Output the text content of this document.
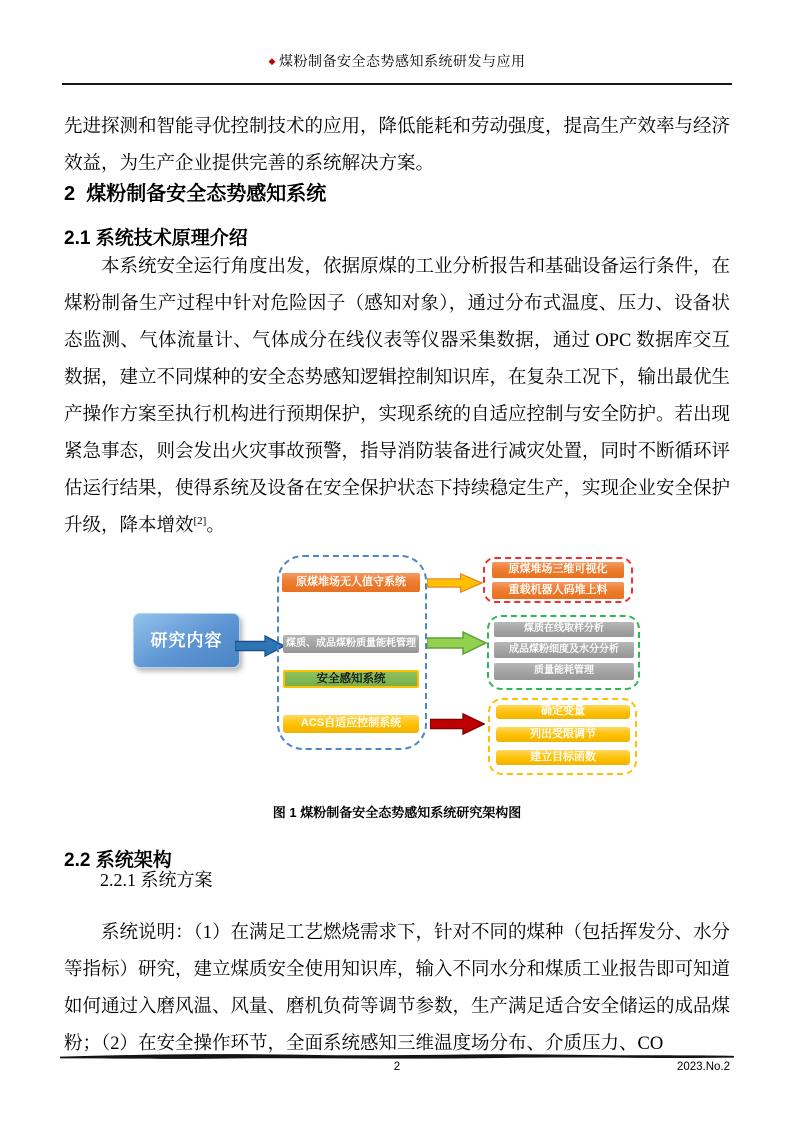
◆ 煤粉制备安全态势感知系统研发与应用

先进探测和智能寻优控制技术的应用，降低能耗和劳动强度，提高生产效率与经济效益，为生产企业提供完善的系统解决方案。

2  煤粉制备安全态势感知系统
2.1 系统技术原理介绍

本系统安全运行角度出发，依据原煤的工业分析报告和基础设备运行条件，在煤粉制备生产过程中针对危险因子（感知对象），通过分布式温度、压力、设备状态监测、气体流量计、气体成分在线仪表等仪器采集数据，通过 OPC 数据库交互数据，建立不同煤种的安全态势感知逻辑控制知识库，在复杂工况下，输出最优生产操作方案至执行机构进行预期保护，实现系统的自适应控制与安全防护。若出现紧急事态，则会发出火灾事故预警，指导消防装备进行减灾处置，同时不断循环评估运行结果，使得系统及设备在安全保护状态下持续稳定生产，实现企业安全保护升级，降本增效[2]。

研究内容
原煤堆场无人值守系统
煤质、成品煤粉质量能耗管理
安全感知系统
ACS自适应控制系统
原煤堆场三维可视化
重载机器人码堆上料
煤质在线取样分析
成品煤粉细度及水分分析
质量能耗管理
确定变量
列出受限调节
建立目标函数
图 1 煤粉制备安全态势感知系统研究架构图
2.2 系统架构
2.2.1 系统方案

系统说明：（1）在满足工艺燃烧需求下，针对不同的煤种（包括挥发分、水分等指标）研究，建立煤质安全使用知识库，输入不同水分和煤质工业报告即可知道如何通过入磨风温、风量、磨机负荷等调节参数，生产满足适合安全储运的成品煤粉；（2）在安全操作环节，全面系统感知三维温度场分布、介质压力、CO

2	2023.No.2
